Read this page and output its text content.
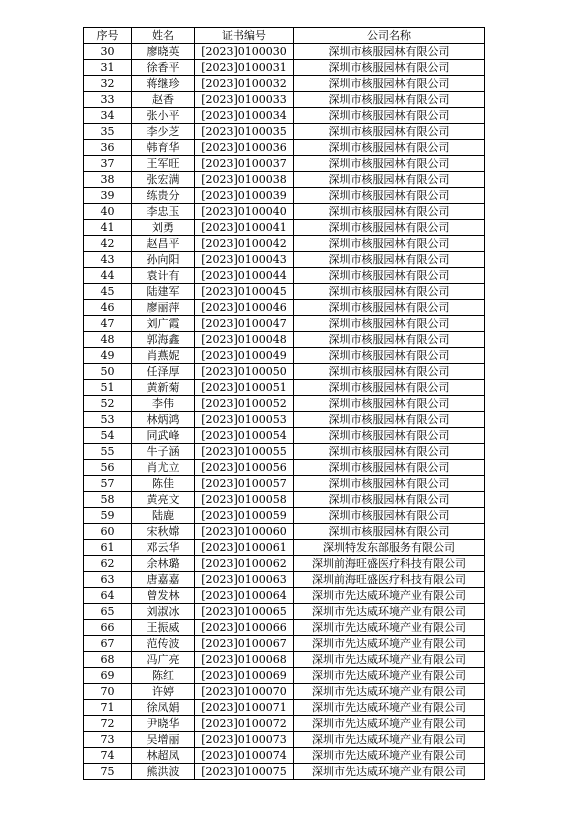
序号	姓名	证书编号	公司名称
30	廖晓英	[2023]0100030	深圳市核服园林有限公司
31	徐香平	[2023]0100031	深圳市核服园林有限公司
32	蒋继珍	[2023]0100032	深圳市核服园林有限公司
33	赵香	[2023]0100033	深圳市核服园林有限公司
34	张小平	[2023]0100034	深圳市核服园林有限公司
35	李少芝	[2023]0100035	深圳市核服园林有限公司
36	韩育华	[2023]0100036	深圳市核服园林有限公司
37	王军旺	[2023]0100037	深圳市核服园林有限公司
38	张宏满	[2023]0100038	深圳市核服园林有限公司
39	练贵分	[2023]0100039	深圳市核服园林有限公司
40	李忠玉	[2023]0100040	深圳市核服园林有限公司
41	刘勇	[2023]0100041	深圳市核服园林有限公司
42	赵昌平	[2023]0100042	深圳市核服园林有限公司
43	孙向阳	[2023]0100043	深圳市核服园林有限公司
44	袁计有	[2023]0100044	深圳市核服园林有限公司
45	陆建军	[2023]0100045	深圳市核服园林有限公司
46	廖丽萍	[2023]0100046	深圳市核服园林有限公司
47	刘广霞	[2023]0100047	深圳市核服园林有限公司
48	郭海鑫	[2023]0100048	深圳市核服园林有限公司
49	肖燕妮	[2023]0100049	深圳市核服园林有限公司
50	任泽厚	[2023]0100050	深圳市核服园林有限公司
51	黄新菊	[2023]0100051	深圳市核服园林有限公司
52	李伟	[2023]0100052	深圳市核服园林有限公司
53	林炳鸿	[2023]0100053	深圳市核服园林有限公司
54	同武峰	[2023]0100054	深圳市核服园林有限公司
55	牛子涵	[2023]0100055	深圳市核服园林有限公司
56	肖尤立	[2023]0100056	深圳市核服园林有限公司
57	陈佳	[2023]0100057	深圳市核服园林有限公司
58	黄亮文	[2023]0100058	深圳市核服园林有限公司
59	陆鹿	[2023]0100059	深圳市核服园林有限公司
60	宋秋嫦	[2023]0100060	深圳市核服园林有限公司
61	邓云华	[2023]0100061	深圳特发东部服务有限公司
62	余林璐	[2023]0100062	深圳前海旺盛医疗科技有限公司
63	唐嘉嘉	[2023]0100063	深圳前海旺盛医疗科技有限公司
64	曾发林	[2023]0100064	深圳市先达威环境产业有限公司
65	刘淑冰	[2023]0100065	深圳市先达威环境产业有限公司
66	王振威	[2023]0100066	深圳市先达威环境产业有限公司
67	范传波	[2023]0100067	深圳市先达威环境产业有限公司
68	冯广亮	[2023]0100068	深圳市先达威环境产业有限公司
69	陈红	[2023]0100069	深圳市先达威环境产业有限公司
70	许婷	[2023]0100070	深圳市先达威环境产业有限公司
71	徐凤娟	[2023]0100071	深圳市先达威环境产业有限公司
72	尹晓华	[2023]0100072	深圳市先达威环境产业有限公司
73	吴增丽	[2023]0100073	深圳市先达威环境产业有限公司
74	林超凤	[2023]0100074	深圳市先达威环境产业有限公司
75	熊洪波	[2023]0100075	深圳市先达威环境产业有限公司
